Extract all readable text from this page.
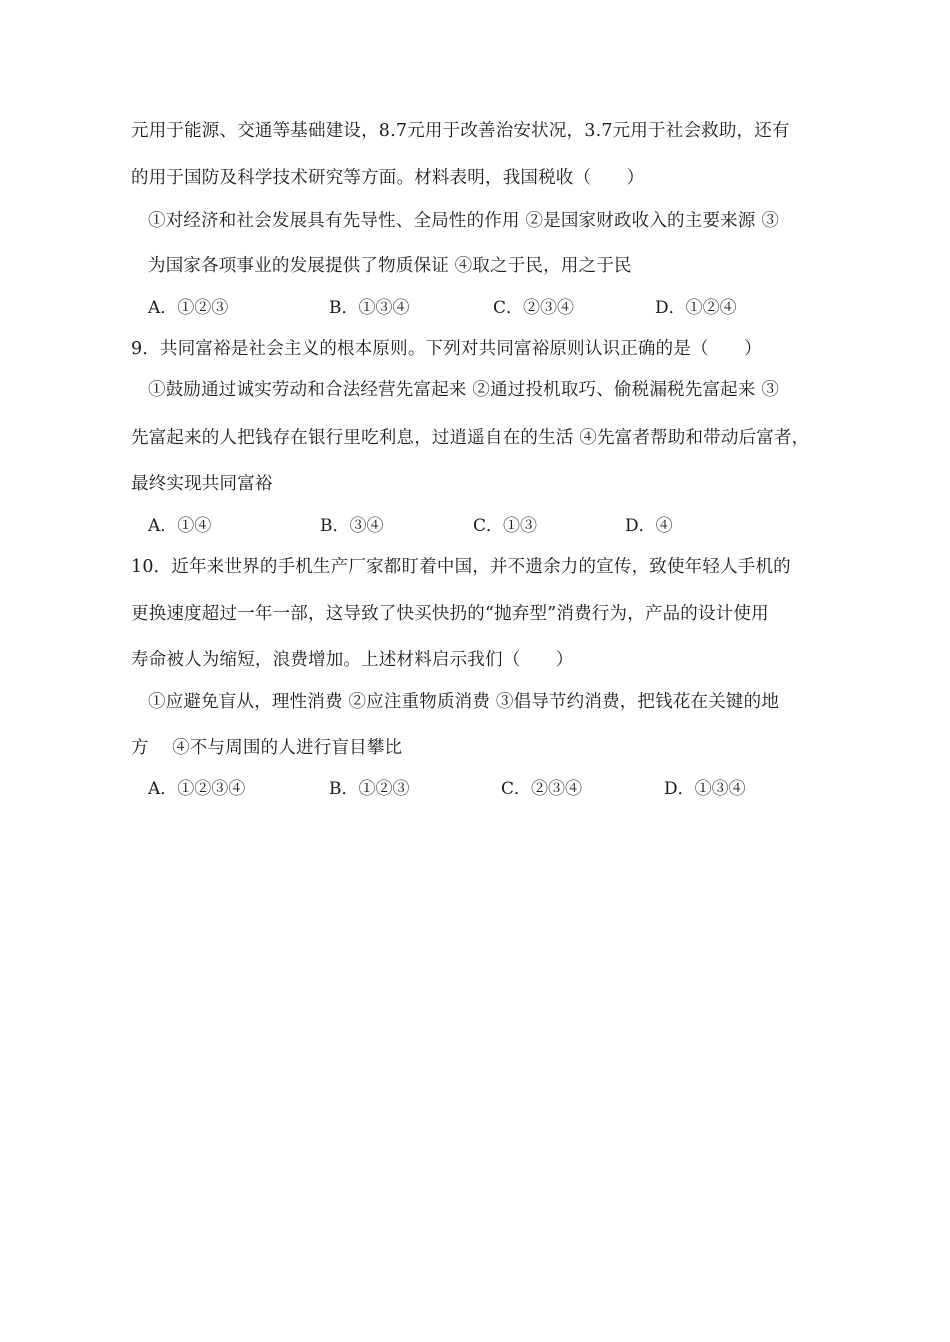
元用于能源、交通等基础建设，8.7元用于改善治安状况，3.7元用于社会救助，还有
的用于国防及科学技术研究等方面。材料表明，我国税收（　　）
①对经济和社会发展具有先导性、全局性的作用 ②是国家财政收入的主要来源 ③
为国家各项事业的发展提供了物质保证 ④取之于民，用之于民
A．①②③	B．①③④	C．②③④	D．①②④
9．共同富裕是社会主义的根本原则。下列对共同富裕原则认识正确的是（　　）
①鼓励通过诚实劳动和合法经营先富起来 ②通过投机取巧、偷税漏税先富起来 ③
先富起来的人把钱存在银行里吃利息，过逍遥自在的生活 ④先富者帮助和带动后富者，
最终实现共同富裕
A．①④	B．③④	C．①③	D．④
10．近年来世界的手机生产厂家都盯着中国，并不遗余力的宣传，致使年轻人手机的
更换速度超过一年一部，这导致了快买快扔的“抛弃型”消费行为，产品的设计使用
寿命被人为缩短，浪费增加。上述材料启示我们（　　）
①应避免盲从，理性消费 ②应注重物质消费 ③倡导节约消费，把钱花在关键的地
方　 ④不与周围的人进行盲目攀比
A．①②③④	B．①②③	C．②③④	D．①③④
